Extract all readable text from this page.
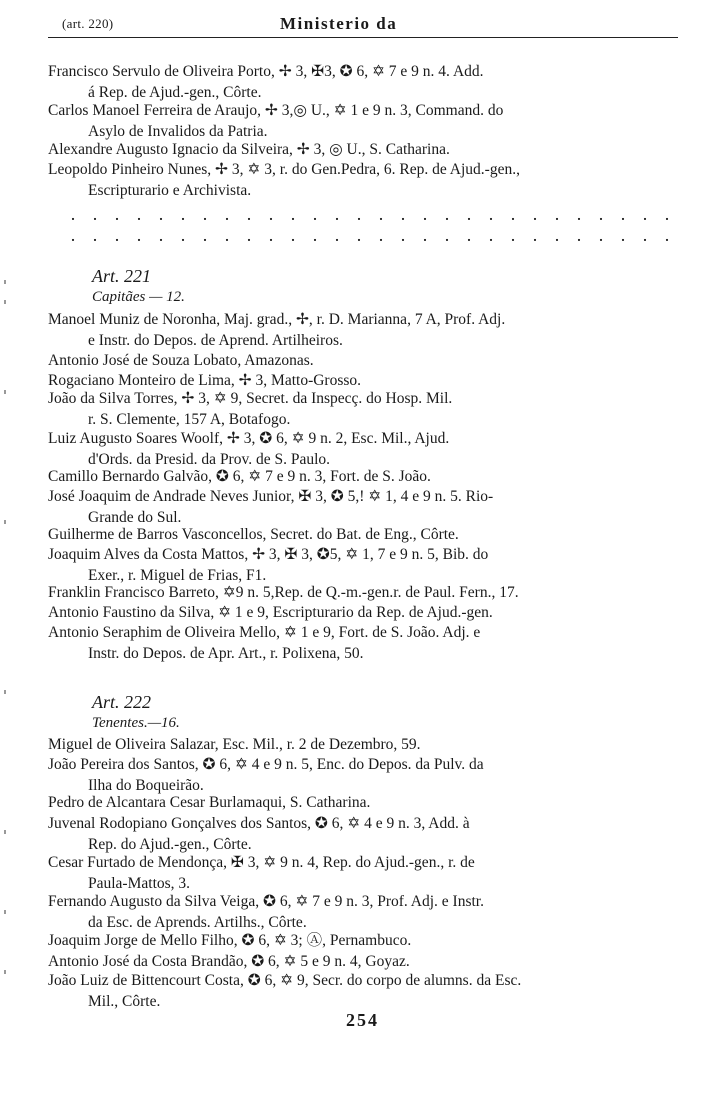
(art. 220)	Ministerio da
Francisco Servulo de Oliveira Porto, ✢ 3, ✠3, ✪ 6, ✡ 7 e 9 n. 4. Add.
á Rep. de Ajud.-gen., Côrte.
Carlos Manoel Ferreira de Araujo, ✢ 3,◎ U., ✡ 1 e 9 n. 3, Command. do
Asylo de Invalidos da Patria.
Alexandre Augusto Ignacio da Silveira, ✢ 3, ◎ U., S. Catharina.
Leopoldo Pinheiro Nunes, ✢ 3, ✡ 3, r. do Gen.Pedra, 6. Rep. de Ajud.-gen.,
Escripturario e Archivista.
. . . . . . . . . . . . . . . . . . . . . . . . . . . .
. . . . . . . . . . . . . . . . . . . . . . . . . . . .
Art. 221
Capitães — 12.
Manoel Muniz de Noronha, Maj. grad., ✢, r. D. Marianna, 7 A, Prof. Adj.
e Instr. do Depos. de Aprend. Artilheiros.
Antonio José de Souza Lobato, Amazonas.
Rogaciano Monteiro de Lima, ✢ 3, Matto-Grosso.
João da Silva Torres, ✢ 3, ✡ 9, Secret. da Inspecç. do Hosp. Mil.
r. S. Clemente, 157 A, Botafogo.
Luiz Augusto Soares Woolf, ✢ 3, ✪ 6, ✡ 9 n. 2, Esc. Mil., Ajud.
d'Ords. da Presid. da Prov. de S. Paulo.
Camillo Bernardo Galvão, ✪ 6, ✡ 7 e 9 n. 3, Fort. de S. João.
José Joaquim de Andrade Neves Junior, ✠ 3, ✪ 5,! ✡ 1, 4 e 9 n. 5. Rio-
Grande do Sul.
Guilherme de Barros Vasconcellos, Secret. do Bat. de Eng., Côrte.
Joaquim Alves da Costa Mattos, ✢ 3, ✠ 3, ✪5, ✡ 1, 7 e 9 n. 5, Bib. do
Exer., r. Miguel de Frias, F1.
Franklin Francisco Barreto, ✡9 n. 5,Rep. de Q.-m.-gen.r. de Paul. Fern., 17.
Antonio Faustino da Silva, ✡ 1 e 9, Escripturario da Rep. de Ajud.-gen.
Antonio Seraphim de Oliveira Mello, ✡ 1 e 9, Fort. de S. João. Adj. e
Instr. do Depos. de Apr. Art., r. Polixena, 50.
Art. 222
Tenentes.—16.
Miguel de Oliveira Salazar, Esc. Mil., r. 2 de Dezembro, 59.
João Pereira dos Santos, ✪ 6, ✡ 4 e 9 n. 5, Enc. do Depos. da Pulv. da
Ilha do Boqueirão.
Pedro de Alcantara Cesar Burlamaqui, S. Catharina.
Juvenal Rodopiano Gonçalves dos Santos, ✪ 6, ✡ 4 e 9 n. 3, Add. à
Rep. do Ajud.-gen., Côrte.
Cesar Furtado de Mendonça, ✠ 3, ✡ 9 n. 4, Rep. do Ajud.-gen., r. de
Paula-Mattos, 3.
Fernando Augusto da Silva Veiga, ✪ 6, ✡ 7 e 9 n. 3, Prof. Adj. e Instr.
da Esc. de Aprends. Artilhs., Côrte.
Joaquim Jorge de Mello Filho, ✪ 6, ✡ 3; Ⓐ, Pernambuco.
Antonio José da Costa Brandão, ✪ 6, ✡ 5 e 9 n. 4, Goyaz.
João Luiz de Bittencourt Costa, ✪ 6, ✡ 9, Secr. do corpo de alumns. da Esc.
Mil., Côrte.
254
